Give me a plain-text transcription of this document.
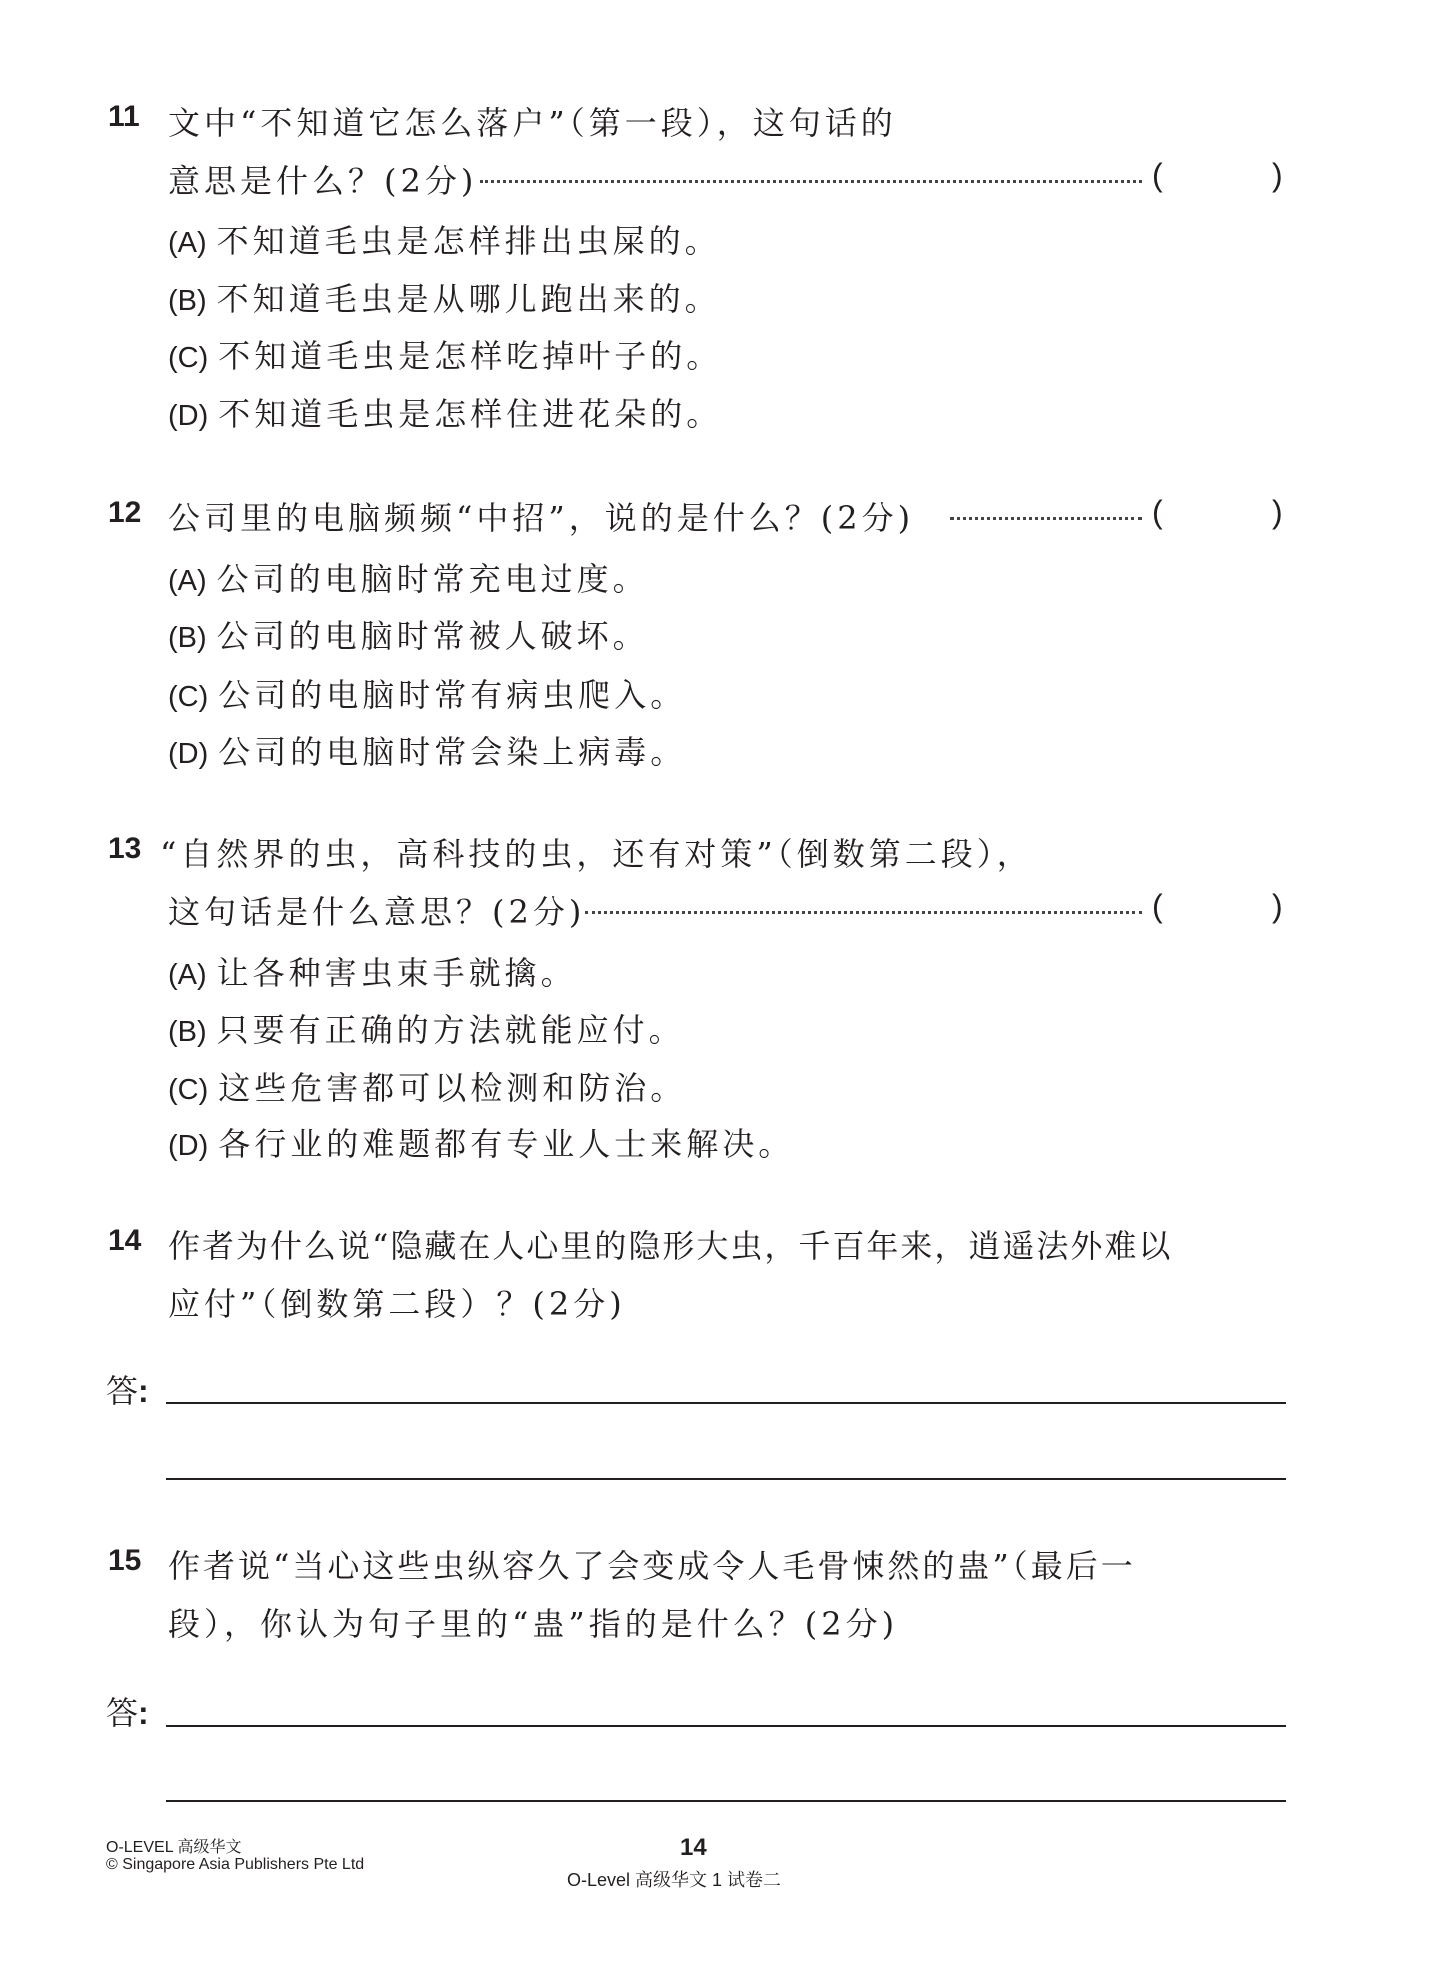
11 文中“不知道它怎么落户”（第一段），这句话的
意思是什么？(2分)	(	)
(A) 不知道毛虫是怎样排出虫屎的。
(B) 不知道毛虫是从哪儿跑出来的。
(C) 不知道毛虫是怎样吃掉叶子的。
(D) 不知道毛虫是怎样住进花朵的。
12 公司里的电脑频频“中招”，说的是什么？(2分)	(	)
(A) 公司的电脑时常充电过度。
(B) 公司的电脑时常被人破坏。
(C) 公司的电脑时常有病虫爬入。
(D) 公司的电脑时常会染上病毒。
13 “自然界的虫，高科技的虫，还有对策”（倒数第二段），
这句话是什么意思？(2分)	(	)
(A) 让各种害虫束手就擒。
(B) 只要有正确的方法就能应付。
(C) 这些危害都可以检测和防治。
(D) 各行业的难题都有专业人士来解决。
14 作者为什么说“隐藏在人心里的隐形大虫，千百年来，逍遥法外难以
应付”（倒数第二段）？(2分)
答:
15 作者说“当心这些虫纵容久了会变成令人毛骨悚然的蛊”（最后一
段），你认为句子里的“蛊”指的是什么？(2分)
答:
O-LEVEL 高级华文
© Singapore Asia Publishers Pte Ltd
14
O-Level 高级华文 1 试卷二
